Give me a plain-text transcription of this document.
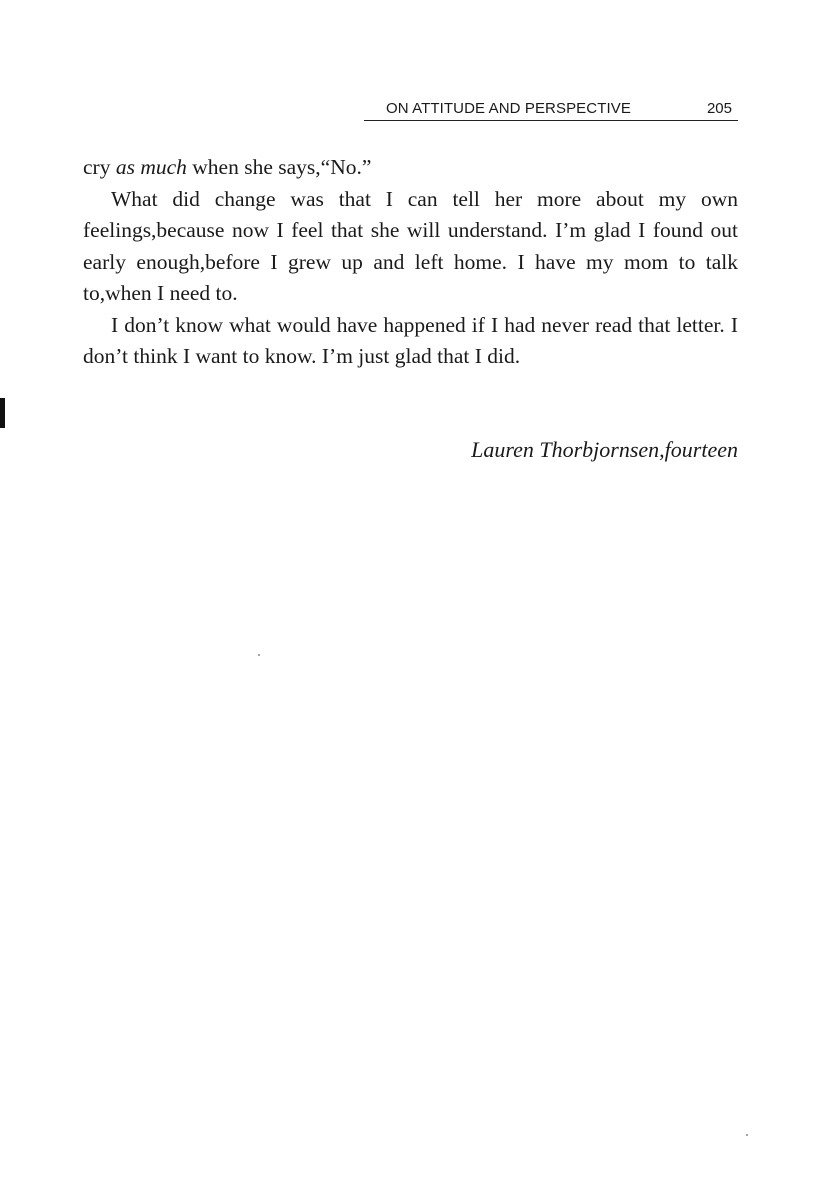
ON ATTITUDE AND PERSPECTIVE	205

cry as much when she says,“No.”

What did change was that I can tell her more about my own feelings,because now I feel that she will understand. I’m glad I found out early enough,before I grew up and left home. I have my mom to talk to,when I need to.

I don’t know what would have happened if I had never read that letter. I don’t think I want to know. I’m just glad that I did.

Lauren Thorbjornsen,fourteen
